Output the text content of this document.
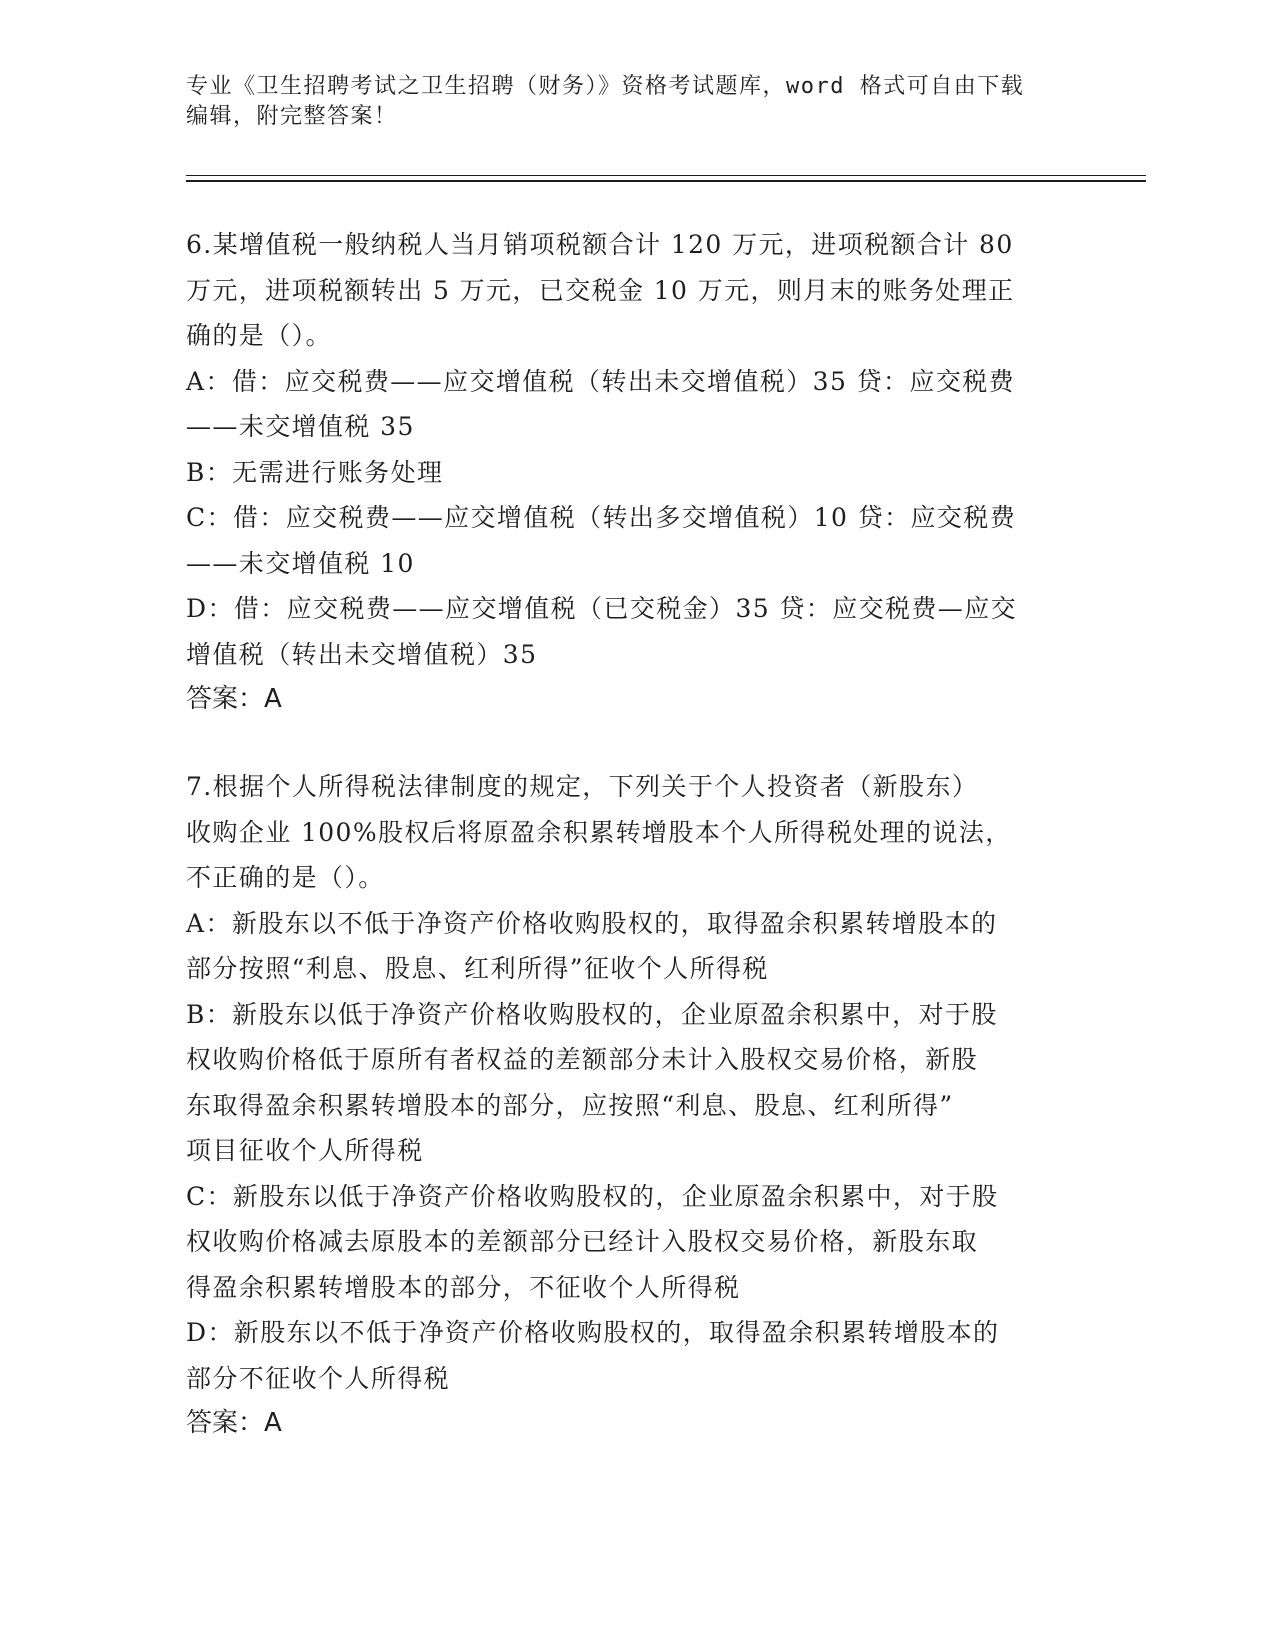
专业《卫生招聘考试之卫生招聘（财务）》资格考试题库，word 格式可自由下载
编辑，附完整答案！
6.某增值税一般纳税人当月销项税额合计 120 万元，进项税额合计 80
万元，进项税额转出 5 万元，已交税金 10 万元，则月末的账务处理正
确的是（）。
A：借：应交税费——应交增值税（转出未交增值税）35 贷：应交税费
——未交增值税 35
B：无需进行账务处理
C：借：应交税费——应交增值税（转出多交增值税）10 贷：应交税费
——未交增值税 10
D：借：应交税费——应交增值税（已交税金）35 贷：应交税费—应交
增值税（转出未交增值税）35
答案：A
7.根据个人所得税法律制度的规定，下列关于个人投资者（新股东）
收购企业 100%股权后将原盈余积累转增股本个人所得税处理的说法，
不正确的是（）。
A：新股东以不低于净资产价格收购股权的，取得盈余积累转增股本的
部分按照“利息、股息、红利所得”征收个人所得税
B：新股东以低于净资产价格收购股权的，企业原盈余积累中，对于股
权收购价格低于原所有者权益的差额部分未计入股权交易价格，新股
东取得盈余积累转增股本的部分，应按照“利息、股息、红利所得”
项目征收个人所得税
C：新股东以低于净资产价格收购股权的，企业原盈余积累中，对于股
权收购价格减去原股本的差额部分已经计入股权交易价格，新股东取
得盈余积累转增股本的部分，不征收个人所得税
D：新股东以不低于净资产价格收购股权的，取得盈余积累转增股本的
部分不征收个人所得税
答案：A
